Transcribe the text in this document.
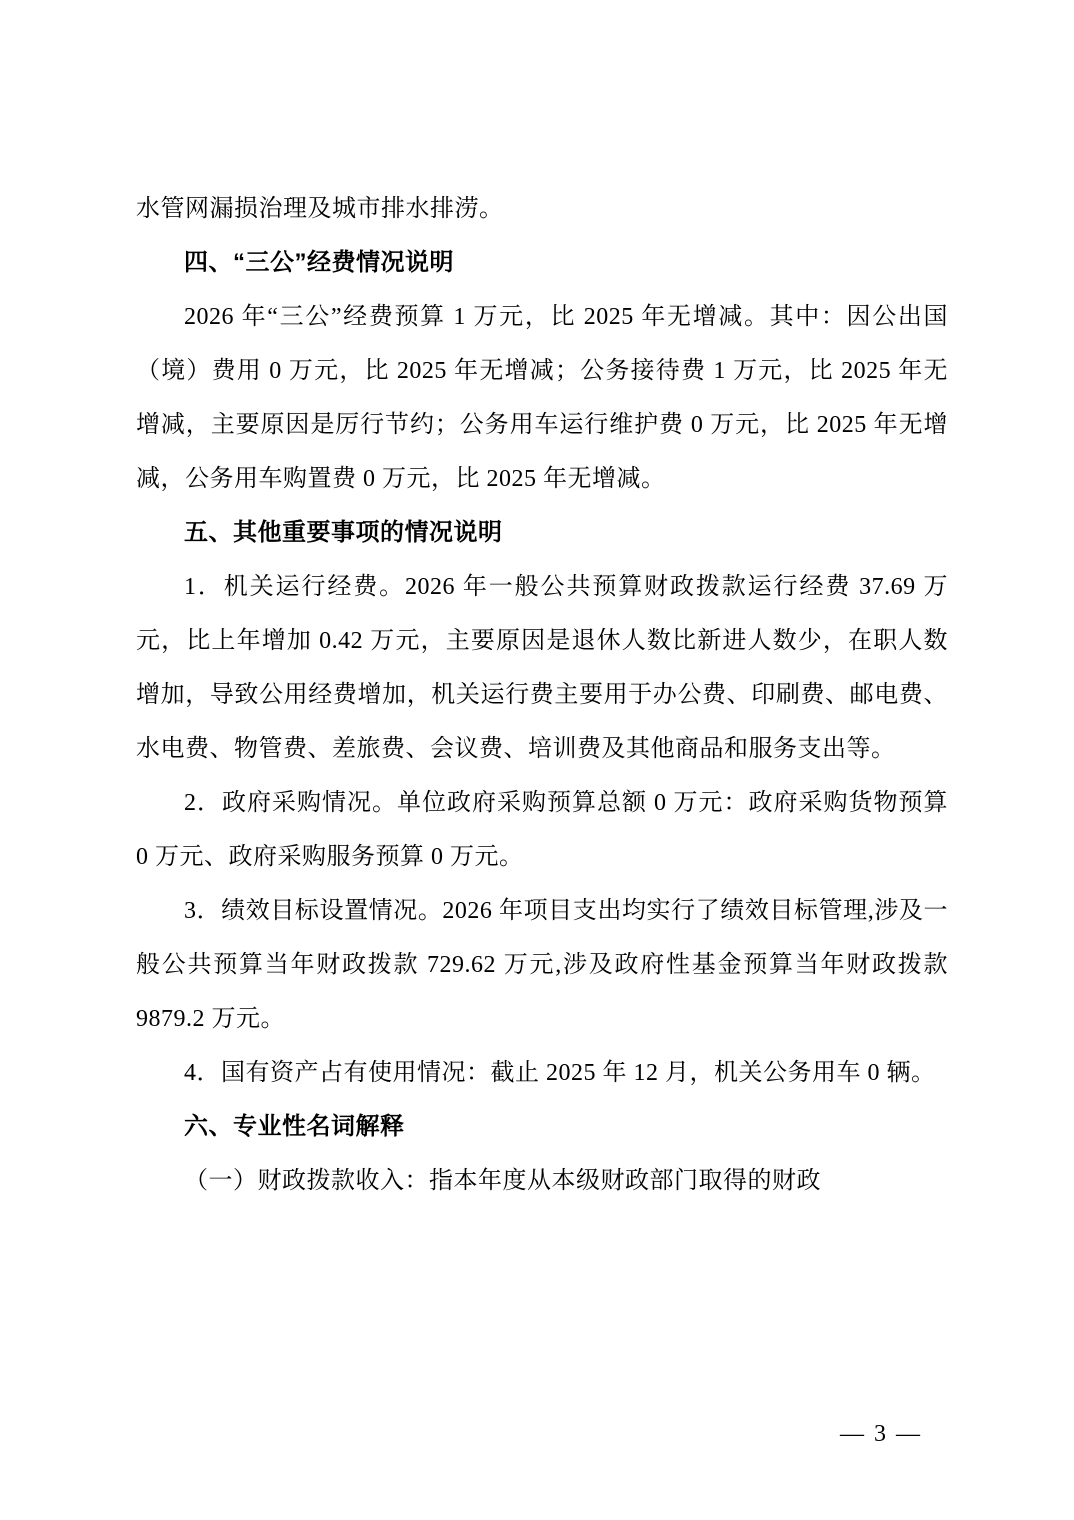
水管网漏损治理及城市排水排涝。
四、“三公”经费情况说明
2026 年“三公”经费预算 1 万元，比 2025 年无增减。其中：因公出国（境）费用 0 万元，比 2025 年无增减；公务接待费 1 万元，比 2025 年无增减，主要原因是厉行节约；公务用车运行维护费 0 万元，比 2025 年无增减，公务用车购置费 0 万元，比 2025 年无增减。
五、其他重要事项的情况说明
1．机关运行经费。2026 年一般公共预算财政拨款运行经费 37.69 万元，比上年增加 0.42 万元，主要原因是退休人数比新进人数少，在职人数增加，导致公用经费增加，机关运行费主要用于办公费、印刷费、邮电费、水电费、物管费、差旅费、会议费、培训费及其他商品和服务支出等。
2．政府采购情况。单位政府采购预算总额 0 万元：政府采购货物预算 0 万元、政府采购服务预算 0 万元。
3．绩效目标设置情况。2026 年项目支出均实行了绩效目标管理,涉及一般公共预算当年财政拨款 729.62 万元,涉及政府性基金预算当年财政拨款 9879.2 万元。
4．国有资产占有使用情况：截止 2025 年 12 月，机关公务用车 0 辆。
六、专业性名词解释
（一）财政拨款收入：指本年度从本级财政部门取得的财政
— 3 —
